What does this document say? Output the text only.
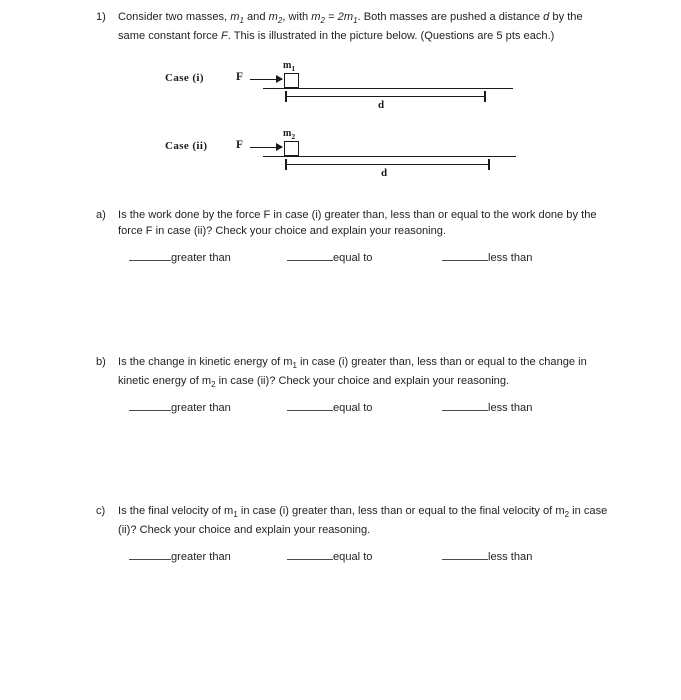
1)	Consider two masses, $m_1$ and $m_2$, with $m_2 = 2m_1$. Both masses are pushed a distance d by the same constant force F. This is illustrated in the picture below. (Questions are 5 pts each.)
Case (i)	F
$m_1$
d
Case (ii) F
$m_2$
d
a)	Is the work done by the force F in case (i) greater than, less than or equal to the work done by the force F in case (ii)? Check your choice and explain your reasoning.
greater than	equal to	less than
b)	Is the change in kinetic energy of $m_1$ in case (i) greater than, less than or equal to the change in kinetic energy of $m_2$ in case (ii)? Check your choice and explain your reasoning.
greater than	equal to	less than
c)	Is the final velocity of $m_1$ in case (i) greater than, less than or equal to the final velocity of $m_2$ in case (ii)? Check your choice and explain your reasoning.
greater than	equal to	less than
